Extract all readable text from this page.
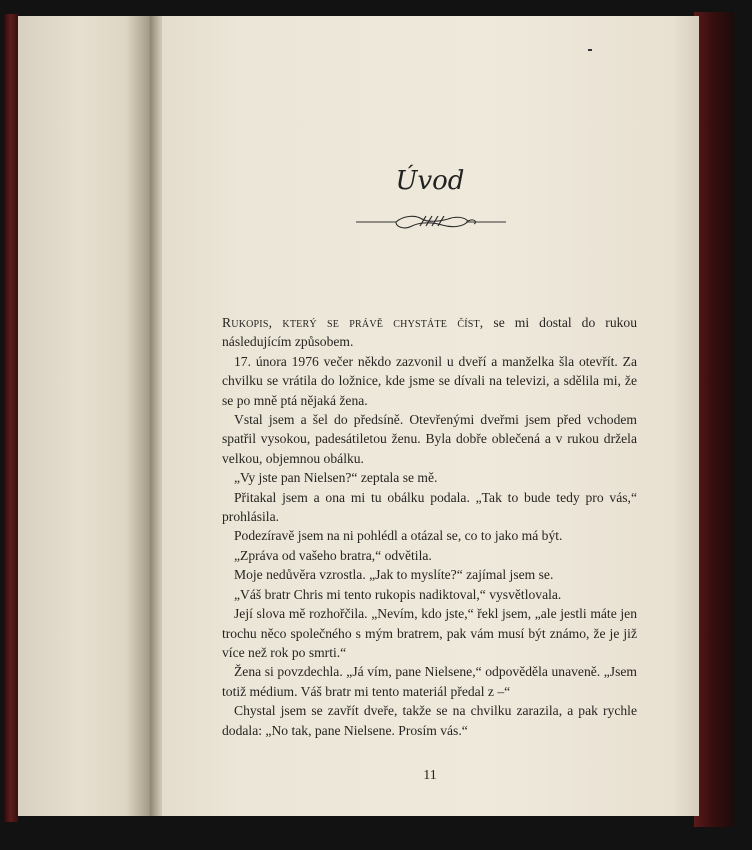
Úvod

Rukopis, který se právě chystáte číst, se mi dostal do rukou následujícím způsobem.

17. února 1976 večer někdo zazvonil u dveří a manželka šla otevřít. Za chvilku se vrátila do ložnice, kde jsme se dívali na televizi, a sdělila mi, že se po mně ptá nějaká žena.

Vstal jsem a šel do předsíně. Otevřenými dveřmi jsem před vchodem spatřil vysokou, padesátiletou ženu. Byla dobře oblečená a v rukou držela velkou, objemnou obálku.

„Vy jste pan Nielsen?“ zeptala se mě.

Přitakal jsem a ona mi tu obálku podala. „Tak to bude tedy pro vás,“ prohlásila.

Podezíravě jsem na ni pohlédl a otázal se, co to jako má být.

„Zpráva od vašeho bratra,“ odvětila.

Moje nedůvěra vzrostla. „Jak to myslíte?“ zajímal jsem se.

„Váš bratr Chris mi tento rukopis nadiktoval,“ vysvětlovala.

Její slova mě rozhořčila. „Nevím, kdo jste,“ řekl jsem, „ale jestli máte jen trochu něco společného s mým bratrem, pak vám musí být známo, že je již více než rok po smrti.“

Žena si povzdechla. „Já vím, pane Nielsene,“ odpověděla unaveně. „Jsem totiž médium. Váš bratr mi tento materiál předal z –“

Chystal jsem se zavřít dveře, takže se na chvilku zarazila, a pak rychle dodala: „No tak, pane Nielsene. Prosím vás.“

11
